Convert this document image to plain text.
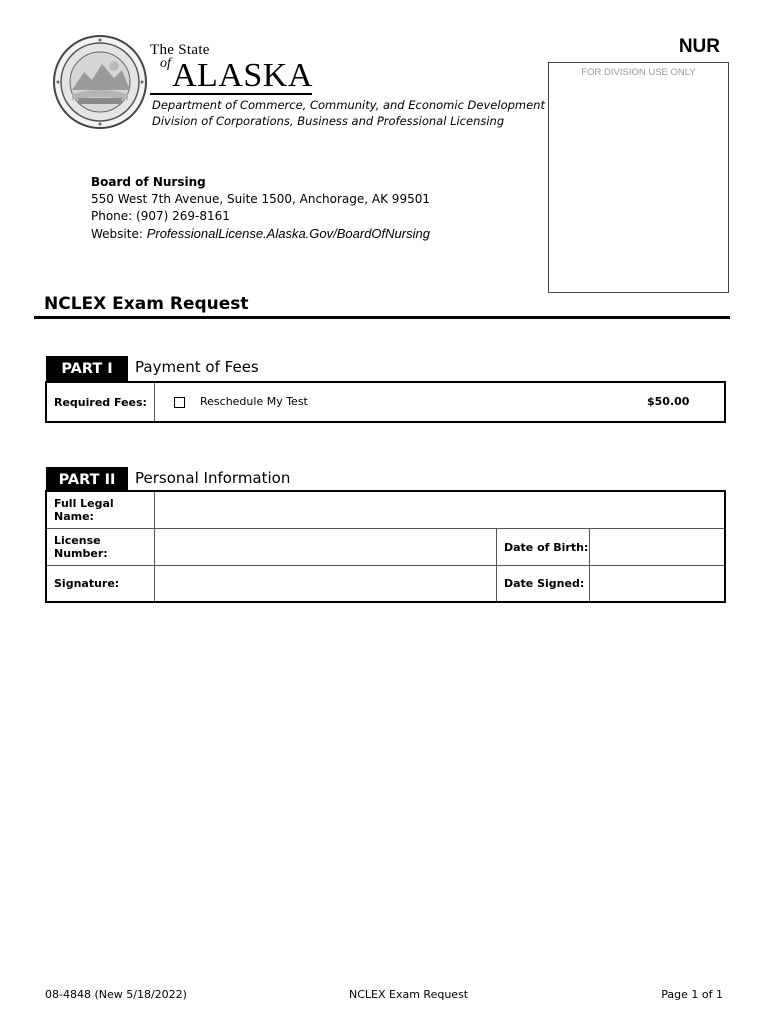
The State
of ALASKA
Department of Commerce, Community, and Economic Development
Division of Corporations, Business and Professional Licensing
NUR
FOR DIVISION USE ONLY
Board of Nursing
550 West 7th Avenue, Suite 1500, Anchorage, AK 99501
Phone: (907) 269-8161
Website: ProfessionalLicense.Alaska.Gov/BoardOfNursing
NCLEX Exam Request
PART I	Payment of Fees
Required Fees:	Reschedule My Test	$50.00
PART II	Personal Information
Full Legal Name:
License Number:	Date of Birth:
Signature:	Date Signed:
08-4848 (New 5/18/2022)	NCLEX Exam Request	Page 1 of 1
